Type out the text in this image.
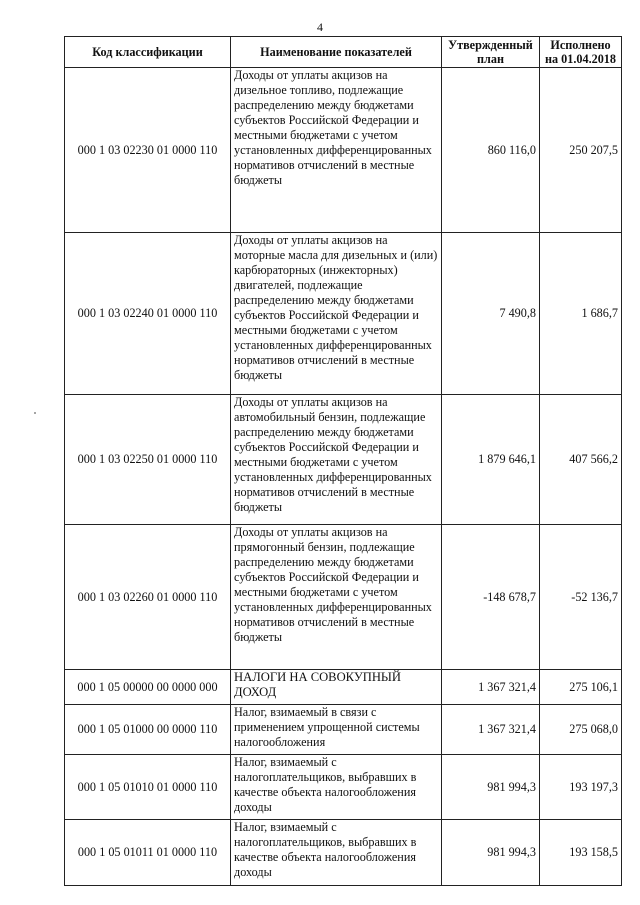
4
Код классификации	Наименование показателей	Утвержденный план	Исполнено на 01.04.2018
000 1 03 02230 01 0000 110	Доходы от уплаты акцизов на дизельное топливо, подлежащие распределению между бюджетами субъектов Российской Федерации и местными бюджетами с учетом установленных дифференцированных нормативов отчислений в местные бюджеты	860 116,0	250 207,5
000 1 03 02240 01 0000 110	Доходы от уплаты акцизов на моторные масла для дизельных и (или) карбюраторных (инжекторных) двигателей, подлежащие распределению между бюджетами субъектов Российской Федерации и местными бюджетами с учетом установленных дифференцированных нормативов отчислений в местные бюджеты	7 490,8	1 686,7
000 1 03 02250 01 0000 110	Доходы от уплаты акцизов на автомобильный бензин, подлежащие распределению между бюджетами субъектов Российской Федерации и местными бюджетами с учетом установленных дифференцированных нормативов отчислений в местные бюджеты	1 879 646,1	407 566,2
000 1 03 02260 01 0000 110	Доходы от уплаты акцизов на прямогонный бензин, подлежащие распределению между бюджетами субъектов Российской Федерации и местными бюджетами с учетом установленных дифференцированных нормативов отчислений в местные бюджеты	-148 678,7	-52 136,7
000 1 05 00000 00 0000 000	НАЛОГИ НА СОВОКУПНЫЙ ДОХОД	1 367 321,4	275 106,1
000 1 05 01000 00 0000 110	Налог, взимаемый в связи с применением упрощенной системы налогообложения	1 367 321,4	275 068,0
000 1 05 01010 01 0000 110	Налог, взимаемый с налогоплательщиков, выбравших в качестве объекта налогообложения доходы	981 994,3	193 197,3
000 1 05 01011 01 0000 110	Налог, взимаемый с налогоплательщиков, выбравших в качестве объекта налогообложения доходы	981 994,3	193 158,5
